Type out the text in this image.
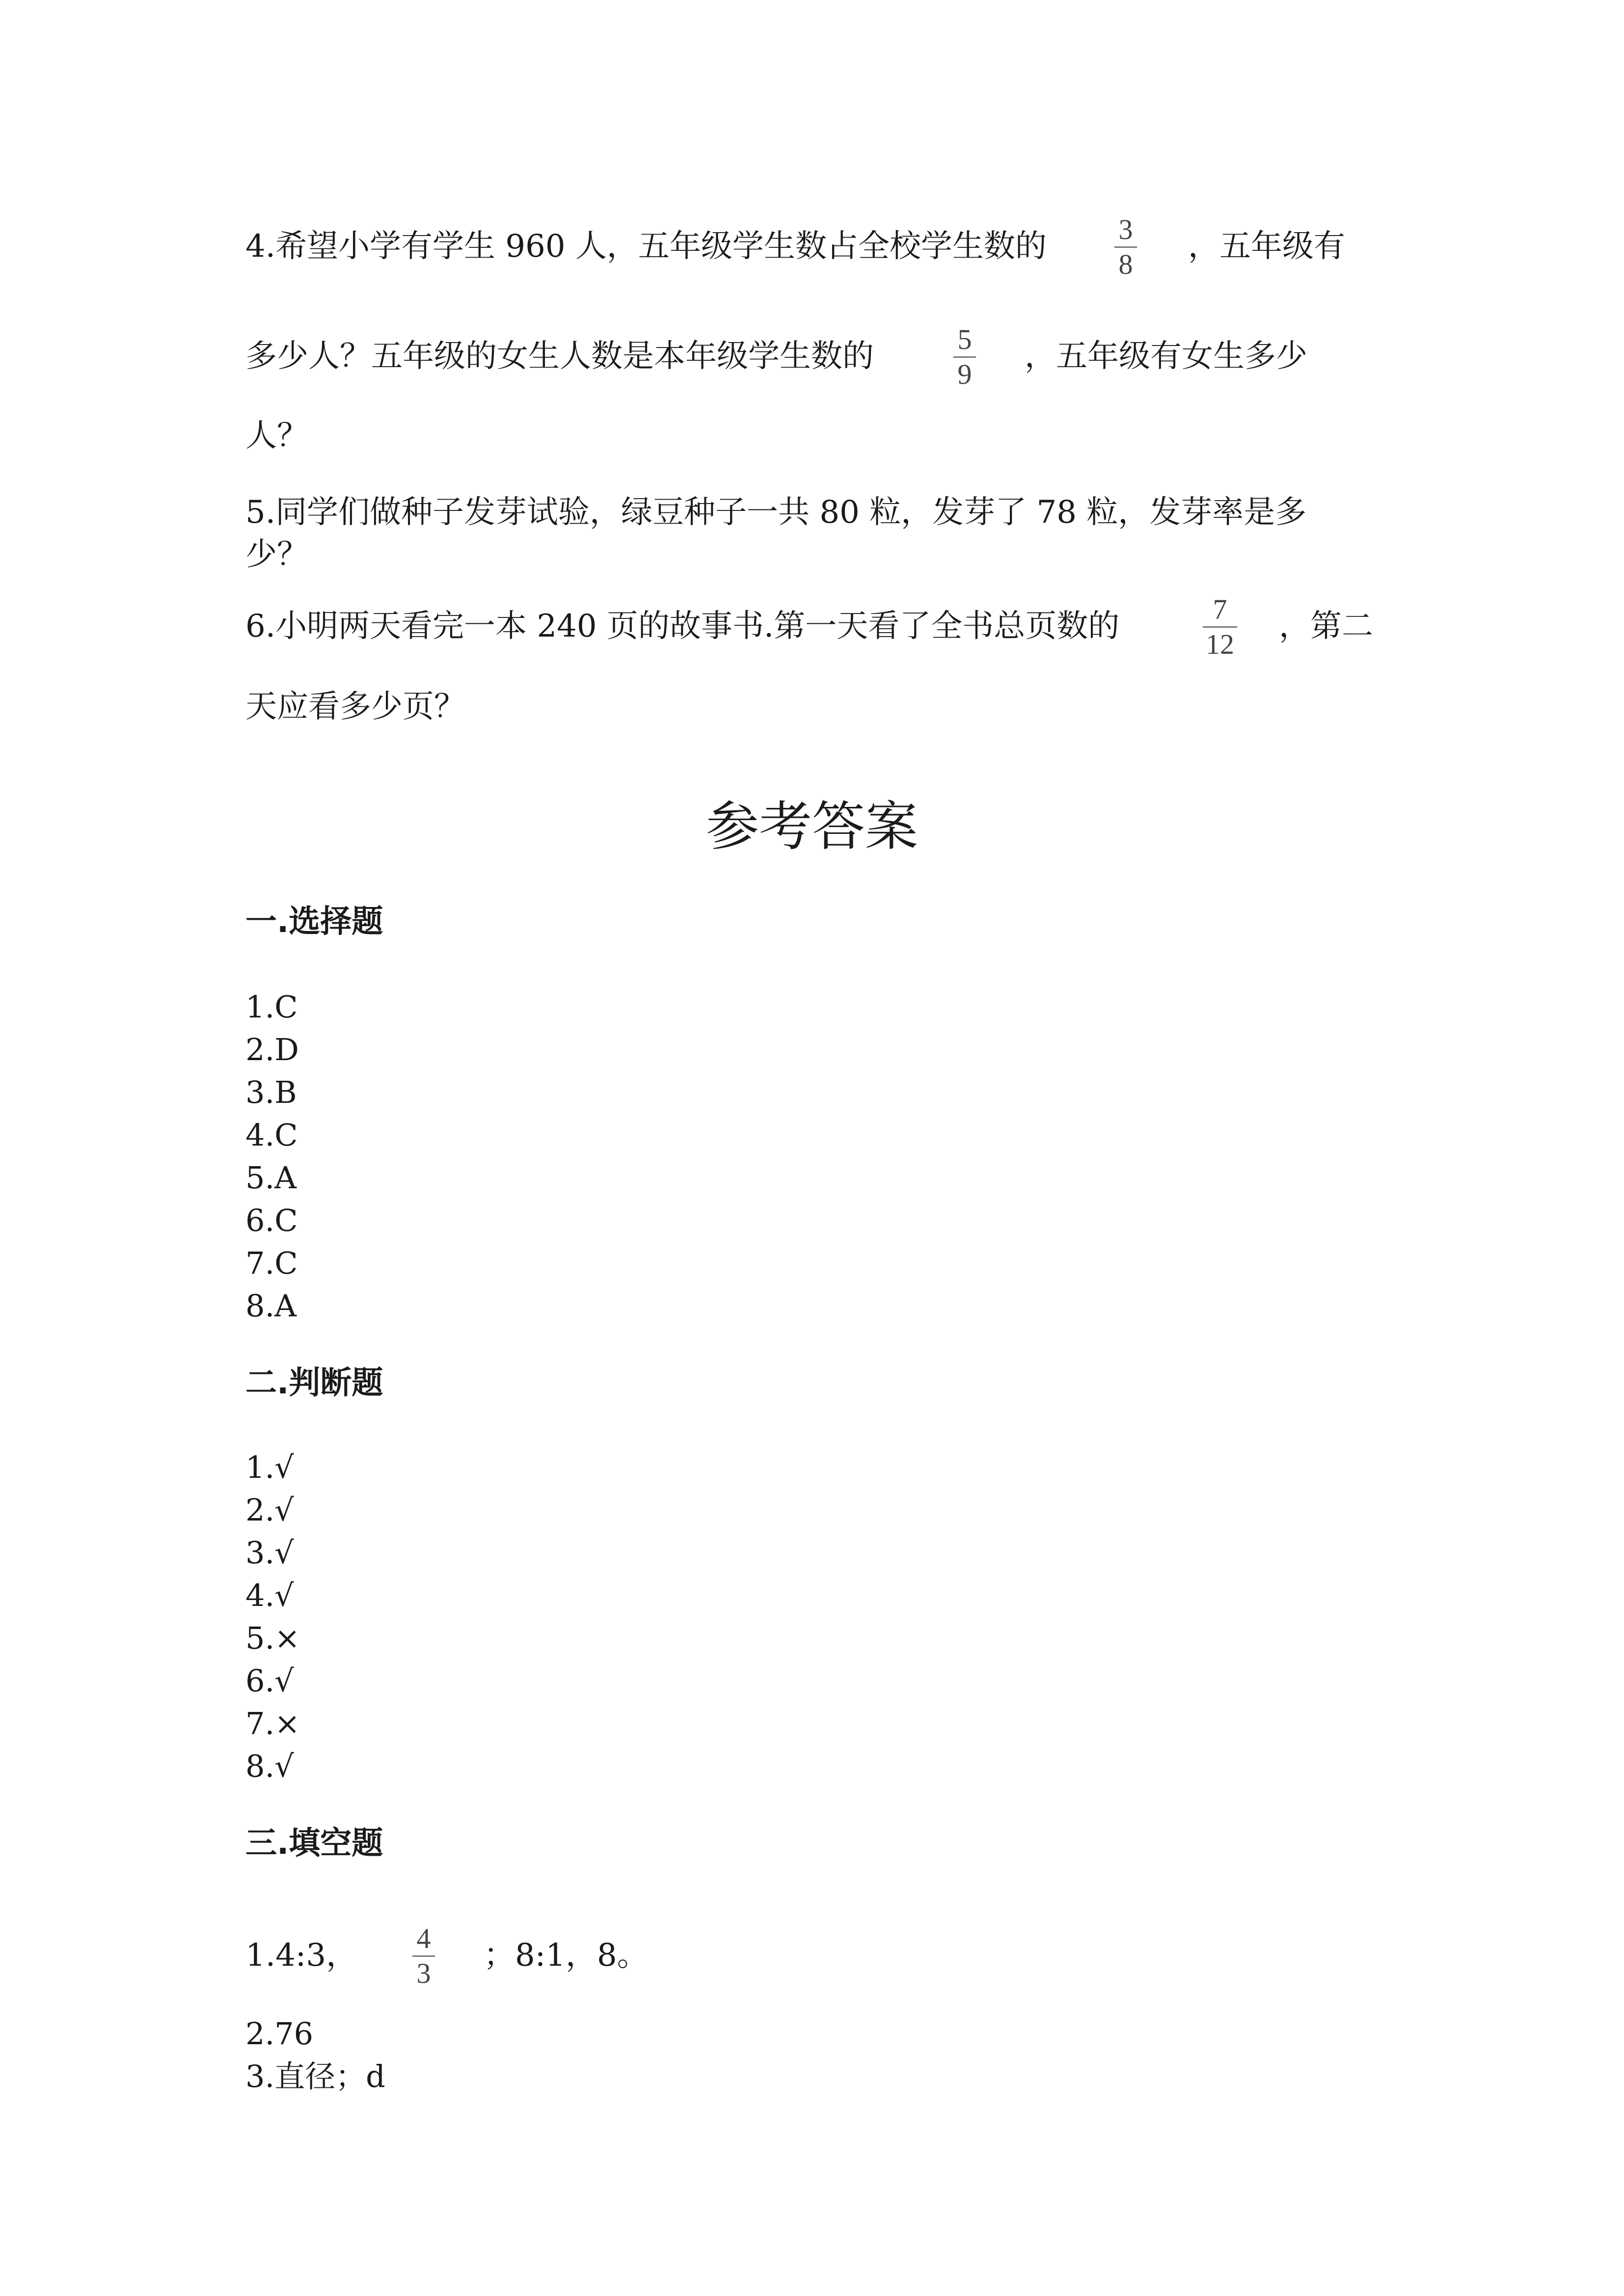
4.希望小学有学生 960 人，五年级学生数占全校学生数的	3
8 ，五年级有
多少人？五年级的女生人数是本年级学生数的	5
9 ，五年级有女生多少
人？
5.同学们做种子发芽试验，绿豆种子一共 80 粒，发芽了 78 粒，发芽率是多
少？
6.小明两天看完一本 240 页的故事书.第一天看了全书总页数的	7
12 ，第二
天应看多少页？
参考答案
一.选择题
1.C
2.D
3.B
4.C
5.A
6.C
7.C
8.A
二.判断题
1.√
2.√
3.√
4.√
5.×
6.√
7.×
8.√
三.填空题
1.4:3， 4
3 ；8:1，8。
2.76
3.直径；d
